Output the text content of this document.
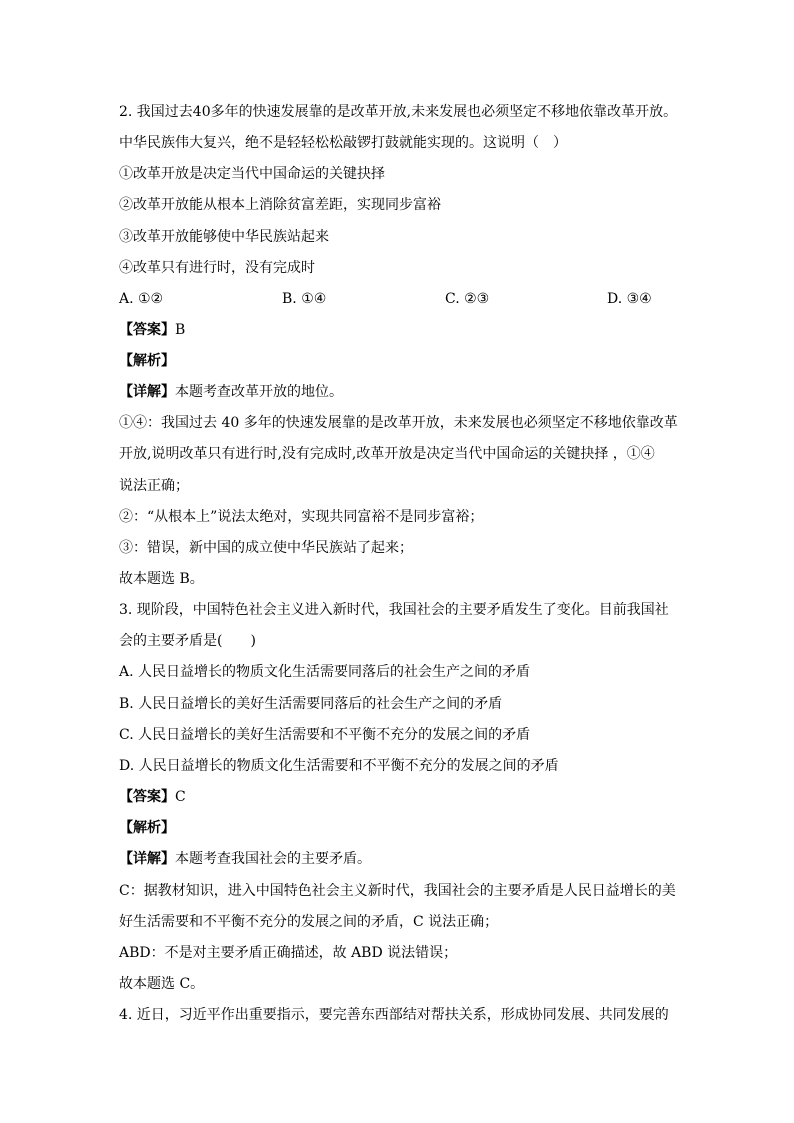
2. 我国过去40多年的快速发展靠的是改革开放,未来发展也必须坚定不移地依靠改革开放。
中华民族伟大复兴，绝不是轻轻松松敲锣打鼓就能实现的。这说明（　）
①改革开放是决定当代中国命运的关键抉择
②改革开放能从根本上消除贫富差距，实现同步富裕
③改革开放能够使中华民族站起来
④改革只有进行时，没有完成时
A. ①②	B. ①④	C. ②③	D. ③④
【答案】B
【解析】
【详解】本题考查改革开放的地位。
①④：我国过去 40 多年的快速发展靠的是改革开放，未来发展也必须坚定不移地依靠改革
开放,说明改革只有进行时,没有完成时,改革开放是决定当代中国命运的关键抉择 ，①④
说法正确；
②：“从根本上”说法太绝对，实现共同富裕不是同步富裕；
③：错误，新中国的成立使中华民族站了起来；
故本题选 B。
3. 现阶段，中国特色社会主义进入新时代，我国社会的主要矛盾发生了变化。目前我国社
会的主要矛盾是(　　)
A. 人民日益增长的物质文化生活需要同落后的社会生产之间的矛盾
B. 人民日益增长的美好生活需要同落后的社会生产之间的矛盾
C. 人民日益增长的美好生活需要和不平衡不充分的发展之间的矛盾
D. 人民日益增长的物质文化生活需要和不平衡不充分的发展之间的矛盾
【答案】C
【解析】
【详解】本题考查我国社会的主要矛盾。
C：据教材知识，进入中国特色社会主义新时代，我国社会的主要矛盾是人民日益增长的美
好生活需要和不平衡不充分的发展之间的矛盾，C 说法正确；
ABD：不是对主要矛盾正确描述，故 ABD 说法错误；
故本题选 C。
4. 近日，习近平作出重要指示，要完善东西部结对帮扶关系，形成协同发展、共同发展的
